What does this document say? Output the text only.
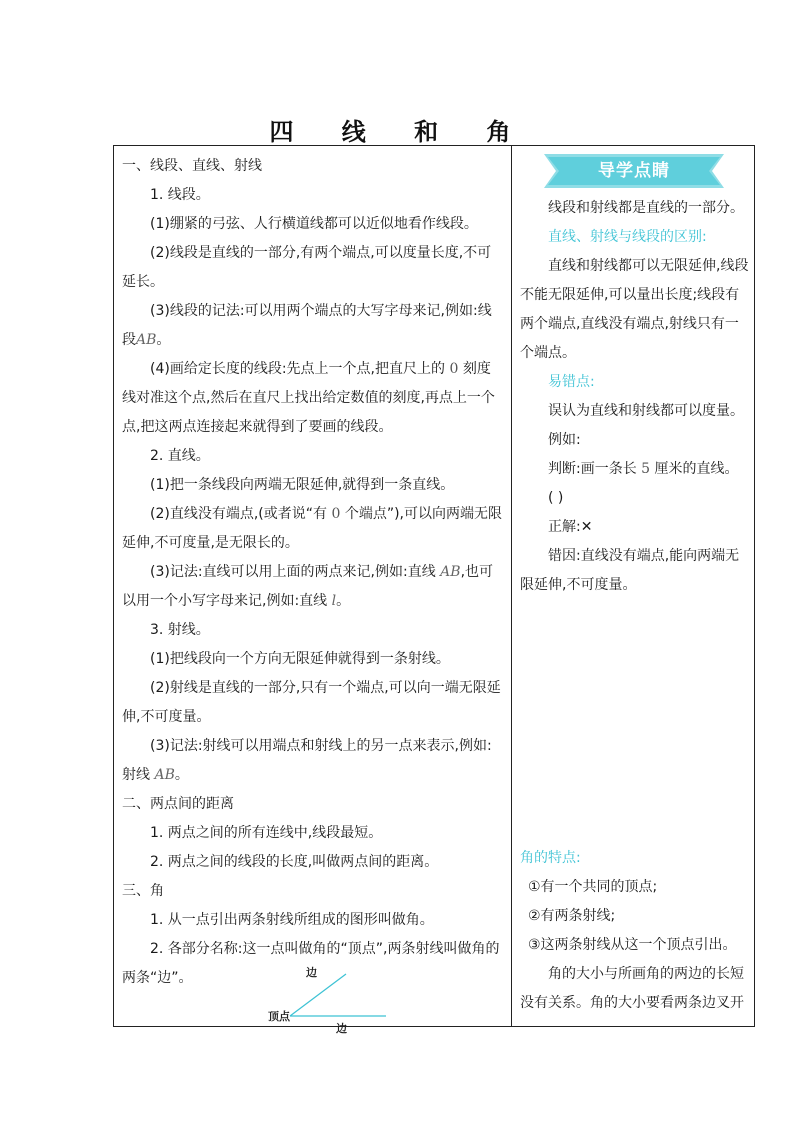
四 线 和 角

一、线段、直线、射线

1. 线段。

(1)绷紧的弓弦、人行横道线都可以近似地看作线段。

(2)线段是直线的一部分,有两个端点,可以度量长度,不可延长。

(3)线段的记法:可以用两个端点的大写字母来记,例如:线段AB。

(4)画给定长度的线段:先点上一个点,把直尺上的 0 刻度线对准这个点,然后在直尺上找出给定数值的刻度,再点上一个点,把这两点连接起来就得到了要画的线段。

2. 直线。

(1)把一条线段向两端无限延伸,就得到一条直线。

(2)直线没有端点,(或者说“有 0 个端点”),可以向两端无限延伸,不可度量,是无限长的。

(3)记法:直线可以用上面的两点来记,例如:直线 AB,也可以用一个小写字母来记,例如:直线 l。

3. 射线。

(1)把线段向一个方向无限延伸就得到一条射线。

(2)射线是直线的一部分,只有一个端点,可以向一端无限延伸,不可度量。

(3)记法:射线可以用端点和射线上的另一点来表示,例如:射线 AB。

二、两点间的距离

1. 两点之间的所有连线中,线段最短。

2. 两点之间的线段的长度,叫做两点间的距离。

三、角

1. 从一点引出两条射线所组成的图形叫做角。

2. 各部分名称:这一点叫做角的“顶点”,两条射线叫做角的两条“边”。	边
顶点
边
导学点睛

线段和射线都是直线的一部分。

直线、射线与线段的区别:

直线和射线都可以无限延伸,线段不能无限延伸,可以量出长度;线段有两个端点,直线没有端点,射线只有一个端点。

易错点:

误认为直线和射线都可以度量。

例如:

判断:画一条长 5 厘米的直线。

( )

正解:✕

错因:直线没有端点,能向两端无限延伸,不可度量。

角的特点:

①有一个共同的顶点;

②有两条射线;

③这两条射线从这一个顶点引出。

角的大小与所画角的两边的长短没有关系。角的大小要看两条边叉开
